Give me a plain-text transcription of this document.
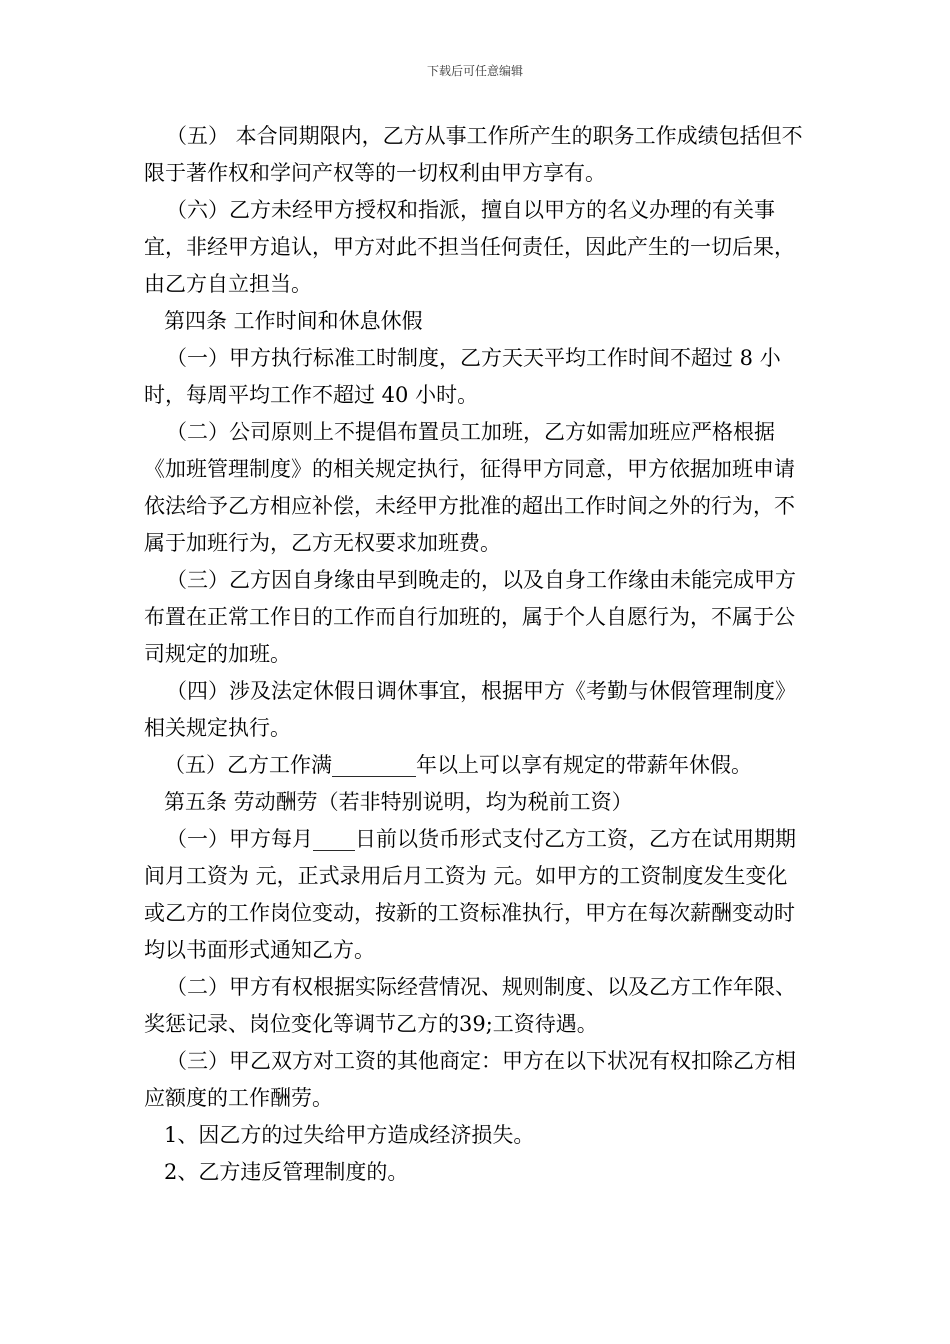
下载后可任意编辑

（五） 本合同期限内，乙方从事工作所产生的职务工作成绩包括但不限于著作权和学问产权等的一切权利由甲方享有。

（六）乙方未经甲方授权和指派，擅自以甲方的名义办理的有关事宜，非经甲方追认，甲方对此不担当任何责任，因此产生的一切后果，由乙方自立担当。

第四条 工作时间和休息休假

（一）甲方执行标准工时制度，乙方天天平均工作时间不超过 8 小时，每周平均工作不超过 40 小时。

（二）公司原则上不提倡布置员工加班，乙方如需加班应严格根据《加班管理制度》的相关规定执行，征得甲方同意，甲方依据加班申请依法给予乙方相应补偿，未经甲方批准的超出工作时间之外的行为，不属于加班行为，乙方无权要求加班费。

（三）乙方因自身缘由早到晚走的，以及自身工作缘由未能完成甲方布置在正常工作日的工作而自行加班的，属于个人自愿行为，不属于公司规定的加班。

（四）涉及法定休假日调休事宜，根据甲方《考勤与休假管理制度》相关规定执行。

（五）乙方工作满________年以上可以享有规定的带薪年休假。

第五条 劳动酬劳（若非特别说明，均为税前工资）

（一）甲方每月____日前以货币形式支付乙方工资，乙方在试用期期间月工资为 元，正式录用后月工资为 元。如甲方的工资制度发生变化或乙方的工作岗位变动，按新的工资标准执行，甲方在每次薪酬变动时均以书面形式通知乙方。

（二）甲方有权根据实际经营情况、规则制度、以及乙方工作年限、奖惩记录、岗位变化等调节乙方的39;工资待遇。

（三）甲乙双方对工资的其他商定：甲方在以下状况有权扣除乙方相应额度的工作酬劳。

1、因乙方的过失给甲方造成经济损失。

2、乙方违反管理制度的。
